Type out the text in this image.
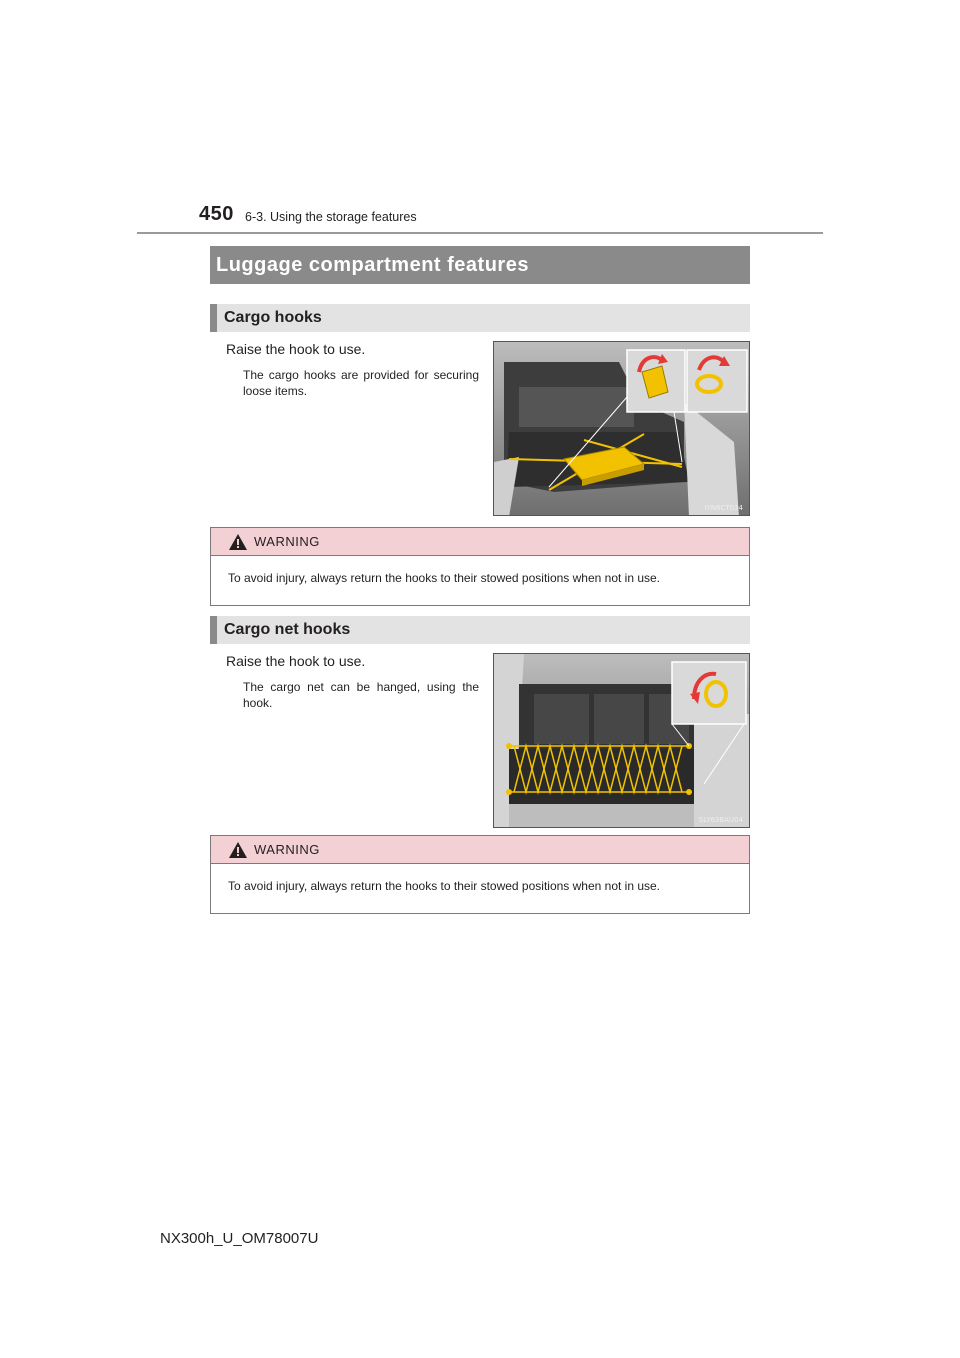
450 6-3. Using the storage features
Luggage compartment features
Cargo hooks
Raise the hook to use.
The cargo hooks are provided for securing loose items.
IYN6CT034
WARNING
To avoid injury, always return the hooks to their stowed positions when not in use.
Cargo net hooks
Raise the hook to use.
The cargo net can be hanged, using the hook.
SLY63BAU04
WARNING
To avoid injury, always return the hooks to their stowed positions when not in use.
NX300h_U_OM78007U
